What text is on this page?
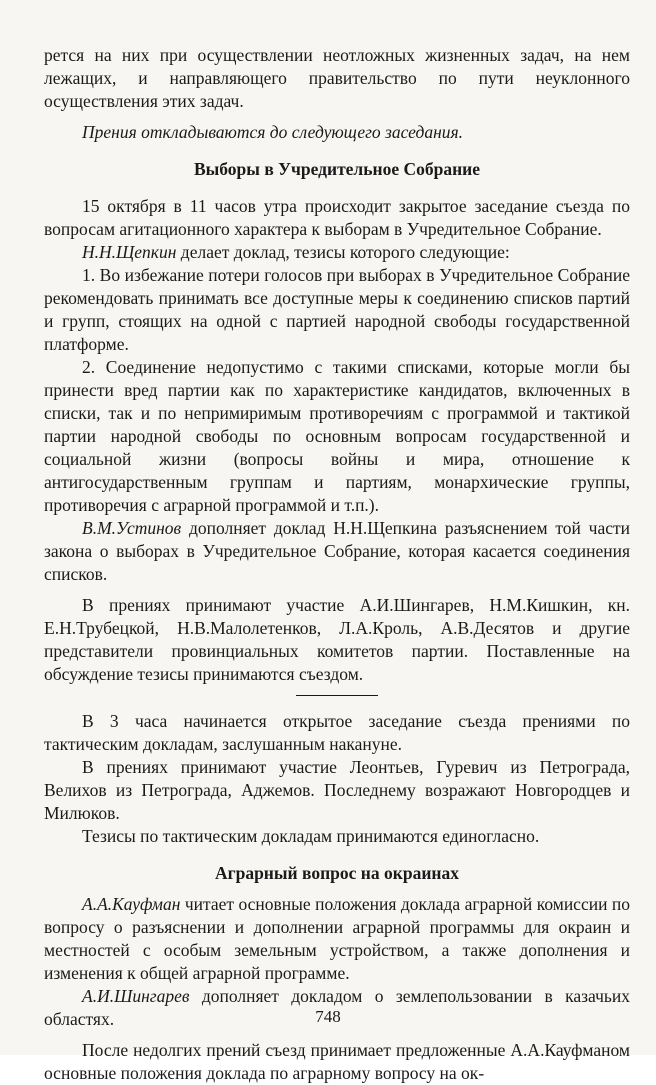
рется на них при осуществлении неотложных жизненных задач, на нем лежащих, и направляющего правительство по пути неуклонного осуществления этих задач.

Прения откладываются до следующего заседания.

Выборы в Учредительное Собрание

15 октября в 11 часов утра происходит закрытое заседание съезда по вопросам агитационного характера к выборам в Учредительное Собрание.

Н.Н.Щепкин делает доклад, тезисы которого следующие:

1. Во избежание потери голосов при выборах в Учредительное Собрание рекомендовать принимать все доступные меры к соединению списков партий и групп, стоящих на одной с партией народной свободы государственной платформе.

2. Соединение недопустимо с такими списками, которые могли бы принести вред партии как по характеристике кандидатов, включенных в списки, так и по непримиримым противоречиям с программой и тактикой партии народной свободы по основным вопросам государственной и социальной жизни (вопросы войны и мира, отношение к антигосударственным группам и партиям, монархические группы, противоречия с аграрной программой и т.п.).

В.М.Устинов дополняет доклад Н.Н.Щепкина разъяснением той части закона о выборах в Учредительное Собрание, которая касается соединения списков.

В прениях принимают участие А.И.Шингарев, Н.М.Кишкин, кн. Е.Н.Трубецкой, Н.В.Малолетенков, Л.А.Кроль, А.В.Десятов и другие представители провинциальных комитетов партии. Поставленные на обсуждение тезисы принимаются съездом.

В 3 часа начинается открытое заседание съезда прениями по тактическим докладам, заслушанным накануне.

В прениях принимают участие Леонтьев, Гуревич из Петрограда, Велихов из Петрограда, Аджемов. Последнему возражают Новгородцев и Милюков.

Тезисы по тактическим докладам принимаются единогласно.

Аграрный вопрос на окраинах

А.А.Кауфман читает основные положения доклада аграрной комиссии по вопросу о разъяснении и дополнении аграрной программы для окраин и местностей с особым земельным устройством, а также дополнения и изменения к общей аграрной программе.

А.И.Шингарев дополняет докладом о землепользовании в казачьих областях.

После недолгих прений съезд принимает предложенные А.А.Кауфманом основные положения доклада по аграрному вопросу на ок-

748
